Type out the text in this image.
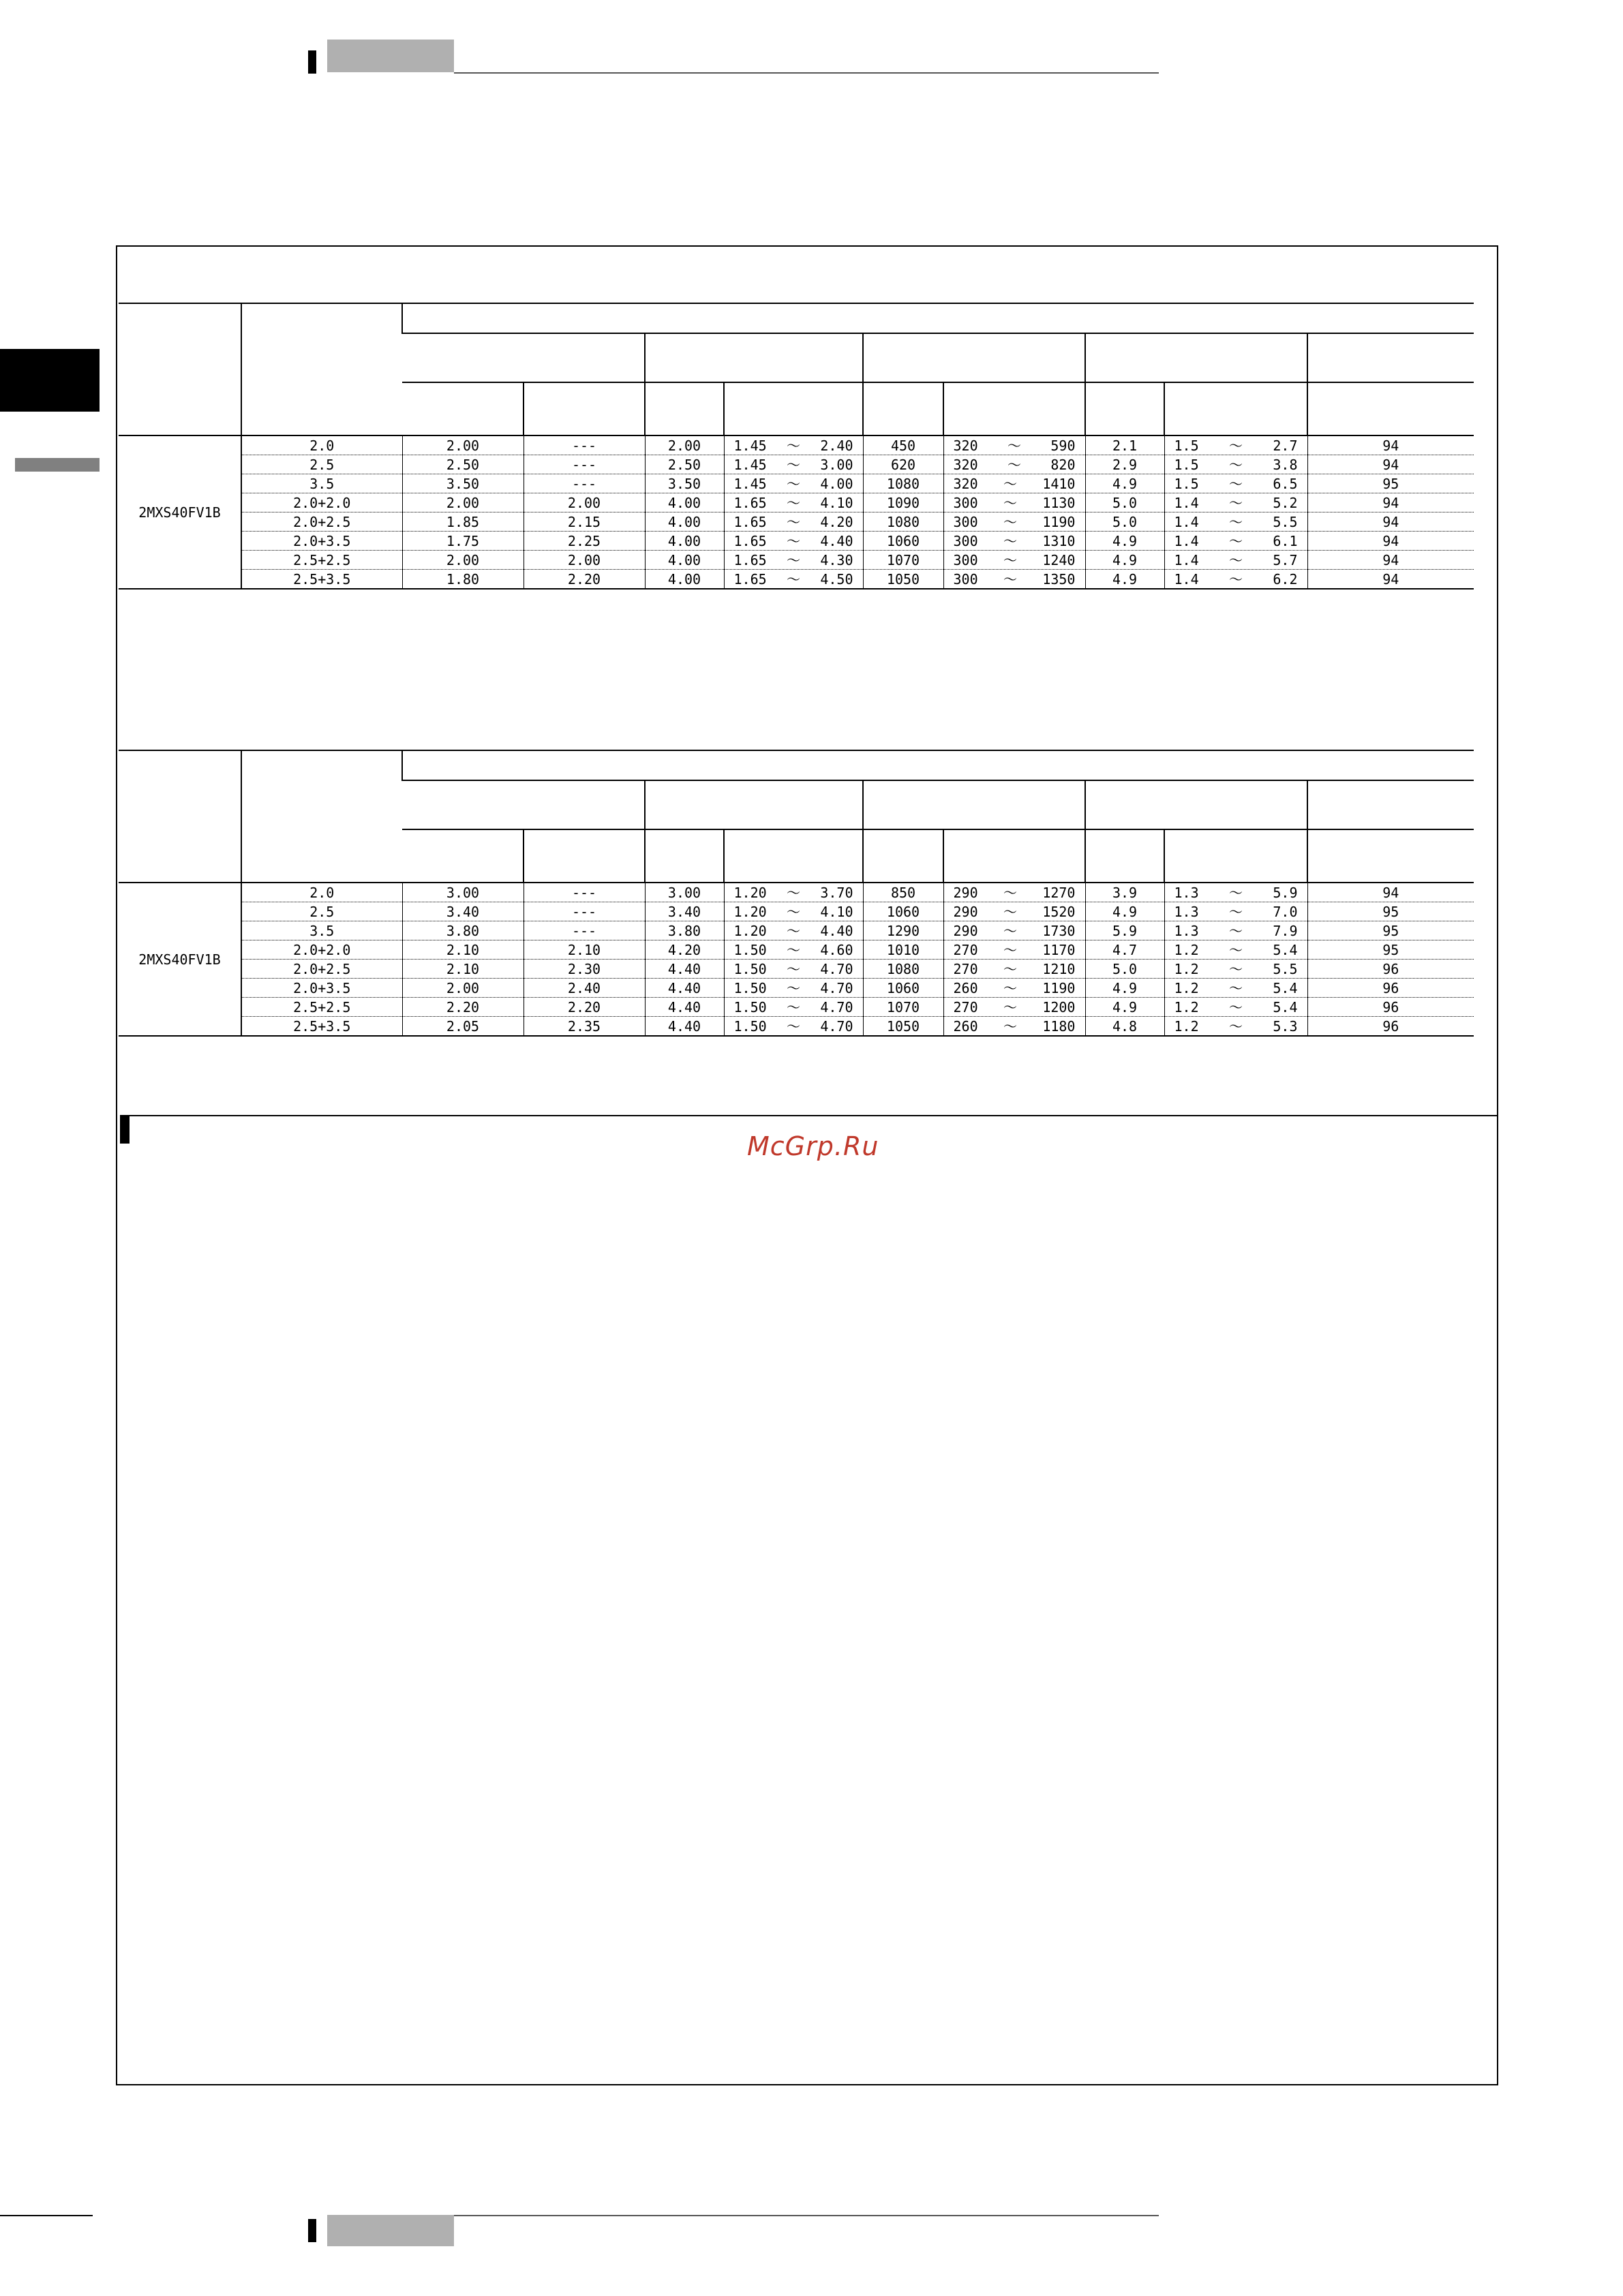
2MXS40FV1B	2.0	2.00	---	2.00	1.45 ～ 2.40	450	320 ～ 590	2.1	1.5 ～ 2.7	94
	2.5	2.50	---	2.50	1.45 ～ 3.00	620	320 ～ 820	2.9	1.5 ～ 3.8	94
	3.5	3.50	---	3.50	1.45 ～ 4.00	1080	320 ～ 1410	4.9	1.5 ～ 6.5	95
	2.0+2.0	2.00	2.00	4.00	1.65 ～ 4.10	1090	300 ～ 1130	5.0	1.4 ～ 5.2	94
	2.0+2.5	1.85	2.15	4.00	1.65 ～ 4.20	1080	300 ～ 1190	5.0	1.4 ～ 5.5	94
	2.0+3.5	1.75	2.25	4.00	1.65 ～ 4.40	1060	300 ～ 1310	4.9	1.4 ～ 6.1	94
	2.5+2.5	2.00	2.00	4.00	1.65 ～ 4.30	1070	300 ～ 1240	4.9	1.4 ～ 5.7	94
	2.5+3.5	1.80	2.20	4.00	1.65 ～ 4.50	1050	300 ～ 1350	4.9	1.4 ～ 6.2	94

2MXS40FV1B	2.0	3.00	---	3.00	1.20 ～ 3.70	850	290 ～ 1270	3.9	1.3 ～ 5.9	94
	2.5	3.40	---	3.40	1.20 ～ 4.10	1060	290 ～ 1520	4.9	1.3 ～ 7.0	95
	3.5	3.80	---	3.80	1.20 ～ 4.40	1290	290 ～ 1730	5.9	1.3 ～ 7.9	95
	2.0+2.0	2.10	2.10	4.20	1.50 ～ 4.60	1010	270 ～ 1170	4.7	1.2 ～ 5.4	95
	2.0+2.5	2.10	2.30	4.40	1.50 ～ 4.70	1080	270 ～ 1210	5.0	1.2 ～ 5.5	96
	2.0+3.5	2.00	2.40	4.40	1.50 ～ 4.70	1060	260 ～ 1190	4.9	1.2 ～ 5.4	96
	2.5+2.5	2.20	2.20	4.40	1.50 ～ 4.70	1070	270 ～ 1200	4.9	1.2 ～ 5.4	96
	2.5+3.5	2.05	2.35	4.40	1.50 ～ 4.70	1050	260 ～ 1180	4.8	1.2 ～ 5.3	96
McGrp.Ru
